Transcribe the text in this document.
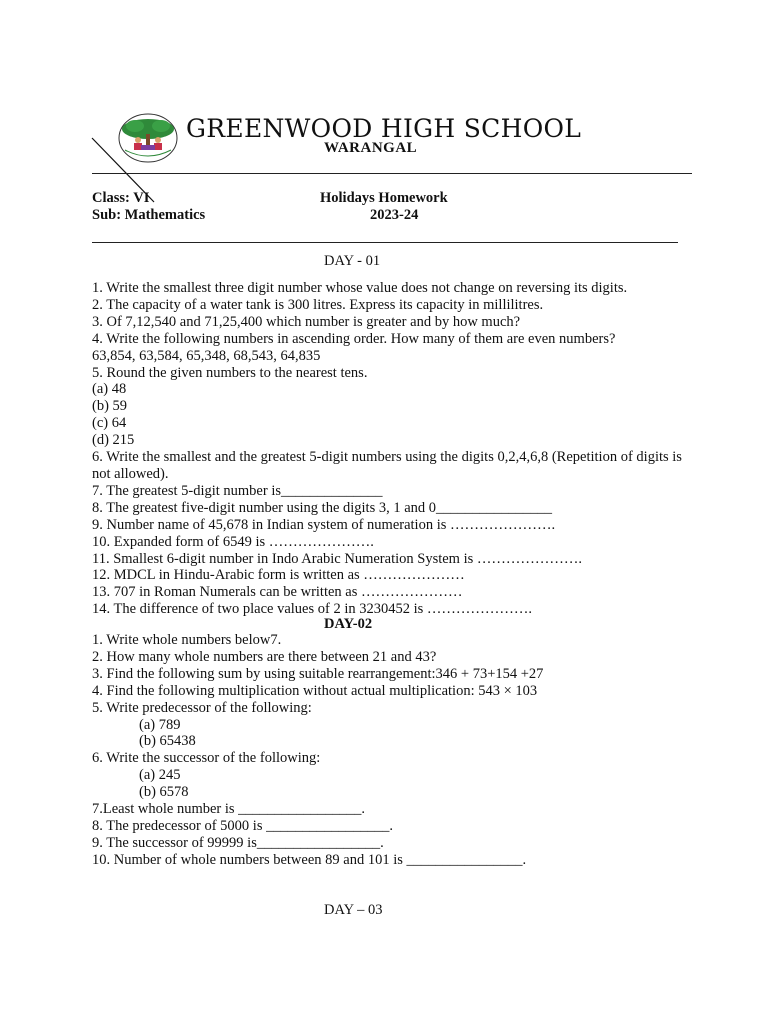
GREENWOOD HIGH SCHOOL
WARANGAL
Class: VI
Sub: Mathematics
Holidays Homework
2023-24
DAY - 01
1. Write the smallest three digit number whose value does not change on reversing its digits.
2. The capacity of a water tank is 300 litres. Express its capacity in millilitres.
3. Of 7,12,540 and 71,25,400 which number is greater and by how much?
4. Write the following numbers in ascending order. How many of them are even numbers?
63,854, 63,584, 65,348, 68,543, 64,835
5. Round the given numbers to the nearest tens.
(a) 48
(b) 59
(c) 64
(d) 215
6. Write the smallest and the greatest 5-digit numbers using the digits 0,2,4,6,8 (Repetition of digits is not allowed).
7. The greatest 5-digit number is______________
8. The greatest five-digit number using the digits 3, 1 and 0________________
9. Number name of 45,678 in Indian system of numeration is ………………….
10. Expanded form of 6549 is ………………….
11. Smallest 6-digit number in Indo Arabic Numeration System is ………………….
12. MDCL in Hindu-Arabic form is written as …………………
13. 707 in Roman Numerals can be written as …………………
14. The difference of two place values of 2 in 3230452 is ………………….
DAY-02
1. Write whole numbers below7.
2. How many whole numbers are there between 21 and 43?
3. Find the following sum by using suitable rearrangement:346 + 73+154 +27
4. Find the following multiplication without actual multiplication: 543 × 103
5. Write predecessor of the following:
(a) 789
(b) 65438
6. Write the successor of the following:
(a) 245
(b) 6578
7.Least whole number is _________________.
8. The predecessor of 5000 is _________________.
9. The successor of 99999 is_________________.
10. Number of whole numbers between 89 and 101 is ________________.
DAY – 03
